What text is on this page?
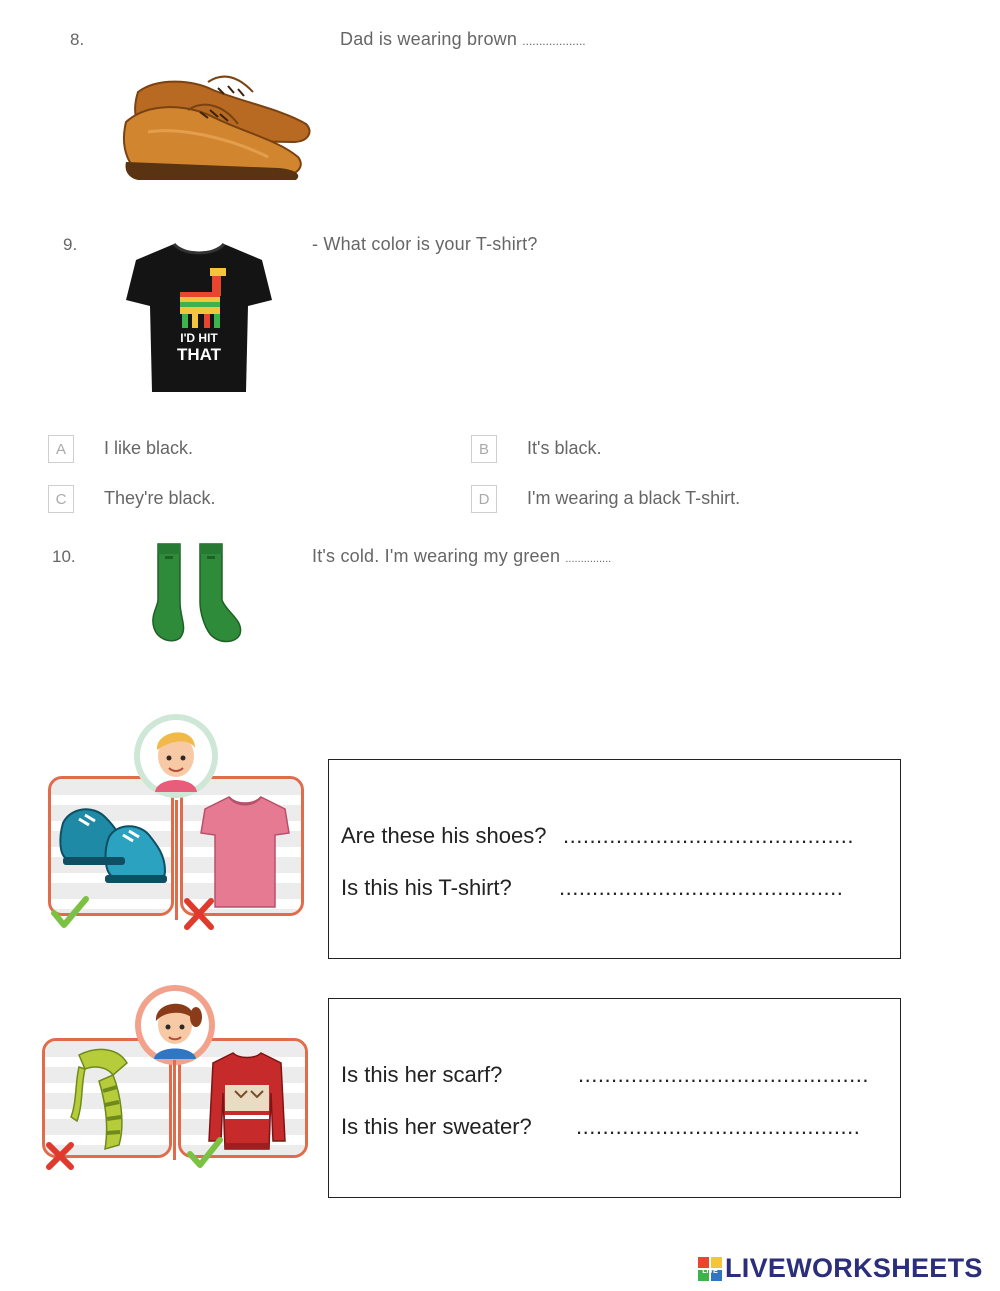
8.	Dad is wearing brown ...................
9.	- What color is your T-shirt?
I'D HIT
THAT
A	I like black.	B	It's black.
C	They're black.	D	I'm wearing a black T-shirt.
10.	It's cold. I'm wearing my green ...............
Are these his shoes? ............................................
Is this his T-shirt? ...........................................
Is this her scarf?	............................................
Is this her sweater? ...........................................
LIVE LIVEWORKSHEETS
